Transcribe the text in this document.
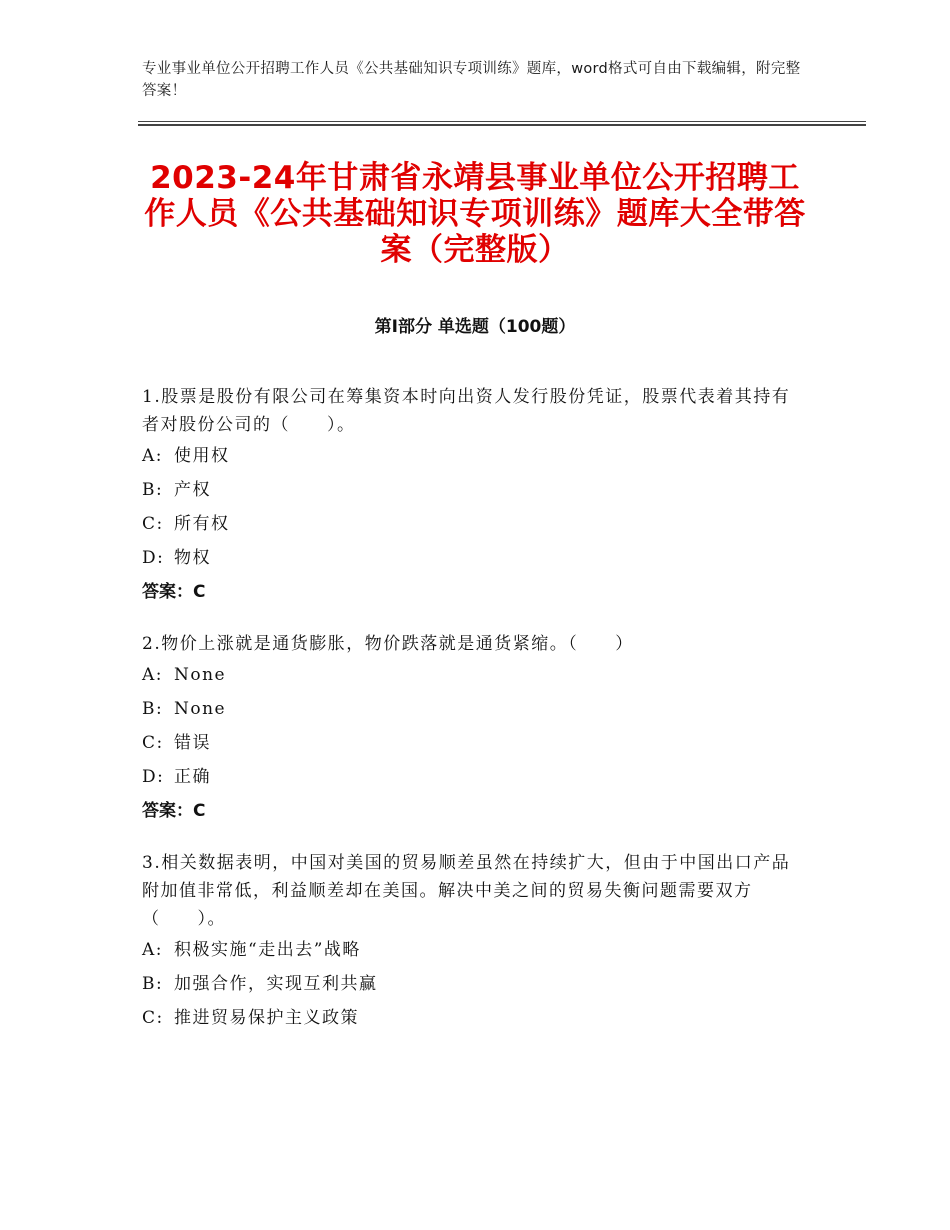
专业事业单位公开招聘工作人员《公共基础知识专项训练》题库，word格式可自由下载编辑，附完整答案！
2023-24年甘肃省永靖县事业单位公开招聘工作人员《公共基础知识专项训练》题库大全带答案（完整版）
第Ⅰ部分 单选题（100题）

1.股票是股份有限公司在筹集资本时向出资人发行股份凭证，股票代表着其持有者对股份公司的（　　）。

A: 使用权
B: 产权
C: 所有权
D: 物权

答案：C

2.物价上涨就是通货膨胀，物价跌落就是通货紧缩。（　　）

A: None
B: None
C: 错误
D: 正确

答案：C

3.相关数据表明，中国对美国的贸易顺差虽然在持续扩大，但由于中国出口产品附加值非常低，利益顺差却在美国。解决中美之间的贸易失衡问题需要双方（　　）。

A: 积极实施“走出去”战略
B: 加强合作，实现互利共赢
C: 推进贸易保护主义政策
